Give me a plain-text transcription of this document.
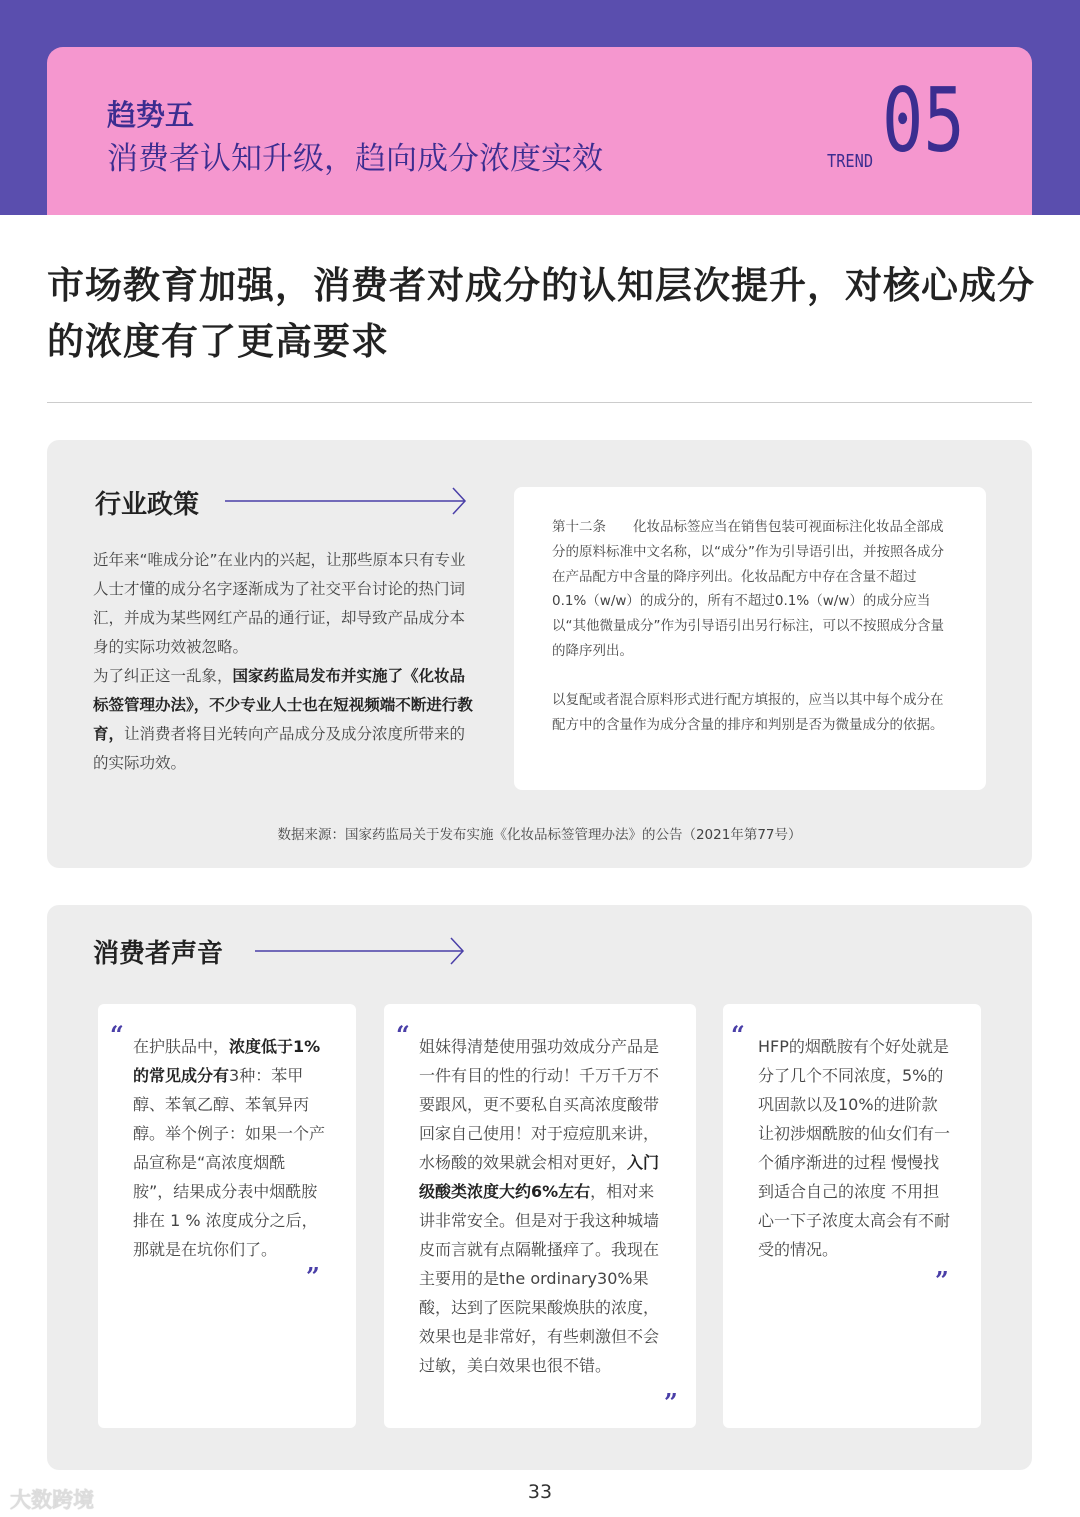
趋势五
消费者认知升级，趋向成分浓度实效	TREND 05
市场教育加强，消费者对成分的认知层次提升，对核心成分的浓度有了更高要求
行业政策

近年来“唯成分论”在业内的兴起，让那些原本只有专业人士才懂的成分名字逐渐成为了社交平台讨论的热门词汇，并成为某些网红产品的通行证，却导致产品成分本身的实际功效被忽略。

为了纠正这一乱象，国家药监局发布并实施了《化妆品标签管理办法》，不少专业人士也在短视频端不断进行教育，让消费者将目光转向产品成分及成分浓度所带来的的实际功效。

第十二条　　化妆品标签应当在销售包装可视面标注化妆品全部成分的原料标准中文名称，以“成分”作为引导语引出，并按照各成分在产品配方中含量的降序列出。化妆品配方中存在含量不超过0.1%（w/w）的成分的，所有不超过0.1%（w/w）的成分应当以“其他微量成分”作为引导语引出另行标注，可以不按照成分含量的降序列出。

以复配或者混合原料形式进行配方填报的，应当以其中每个成分在配方中的含量作为成分含量的排序和判别是否为微量成分的依据。

数据来源：国家药监局关于发布实施《化妆品标签管理办法》的公告（2021年第77号）
消费者声音
“ 在护肤品中，浓度低于1%的常见成分有3种：苯甲醇、苯氧乙醇、苯氧异丙醇。举个例子：如果一个产品宣称是“高浓度烟酰胺”，结果成分表中烟酰胺排在 1 % 浓度成分之后，那就是在坑你们了。
”
“ 姐妹得清楚使用强功效成分产品是一件有目的性的行动！千万千万不要跟风，更不要私自买高浓度酸带回家自己使用！对于痘痘肌来讲，水杨酸的效果就会相对更好，入门级酸类浓度大约6%左右，相对来讲非常安全。但是对于我这种城墙皮而言就有点隔靴搔痒了。我现在主要用的是the ordinary30%果酸，达到了医院果酸焕肤的浓度，效果也是非常好，有些刺激但不会过敏，美白效果也很不错。
”
“ HFP的烟酰胺有个好处就是分了几个不同浓度，5%的巩固款以及10%的进阶款让初涉烟酰胺的仙女们有一个循序渐进的过程 慢慢找到适合自己的浓度 不用担心一下子浓度太高会有不耐受的情况。
”
大数跨境	33
